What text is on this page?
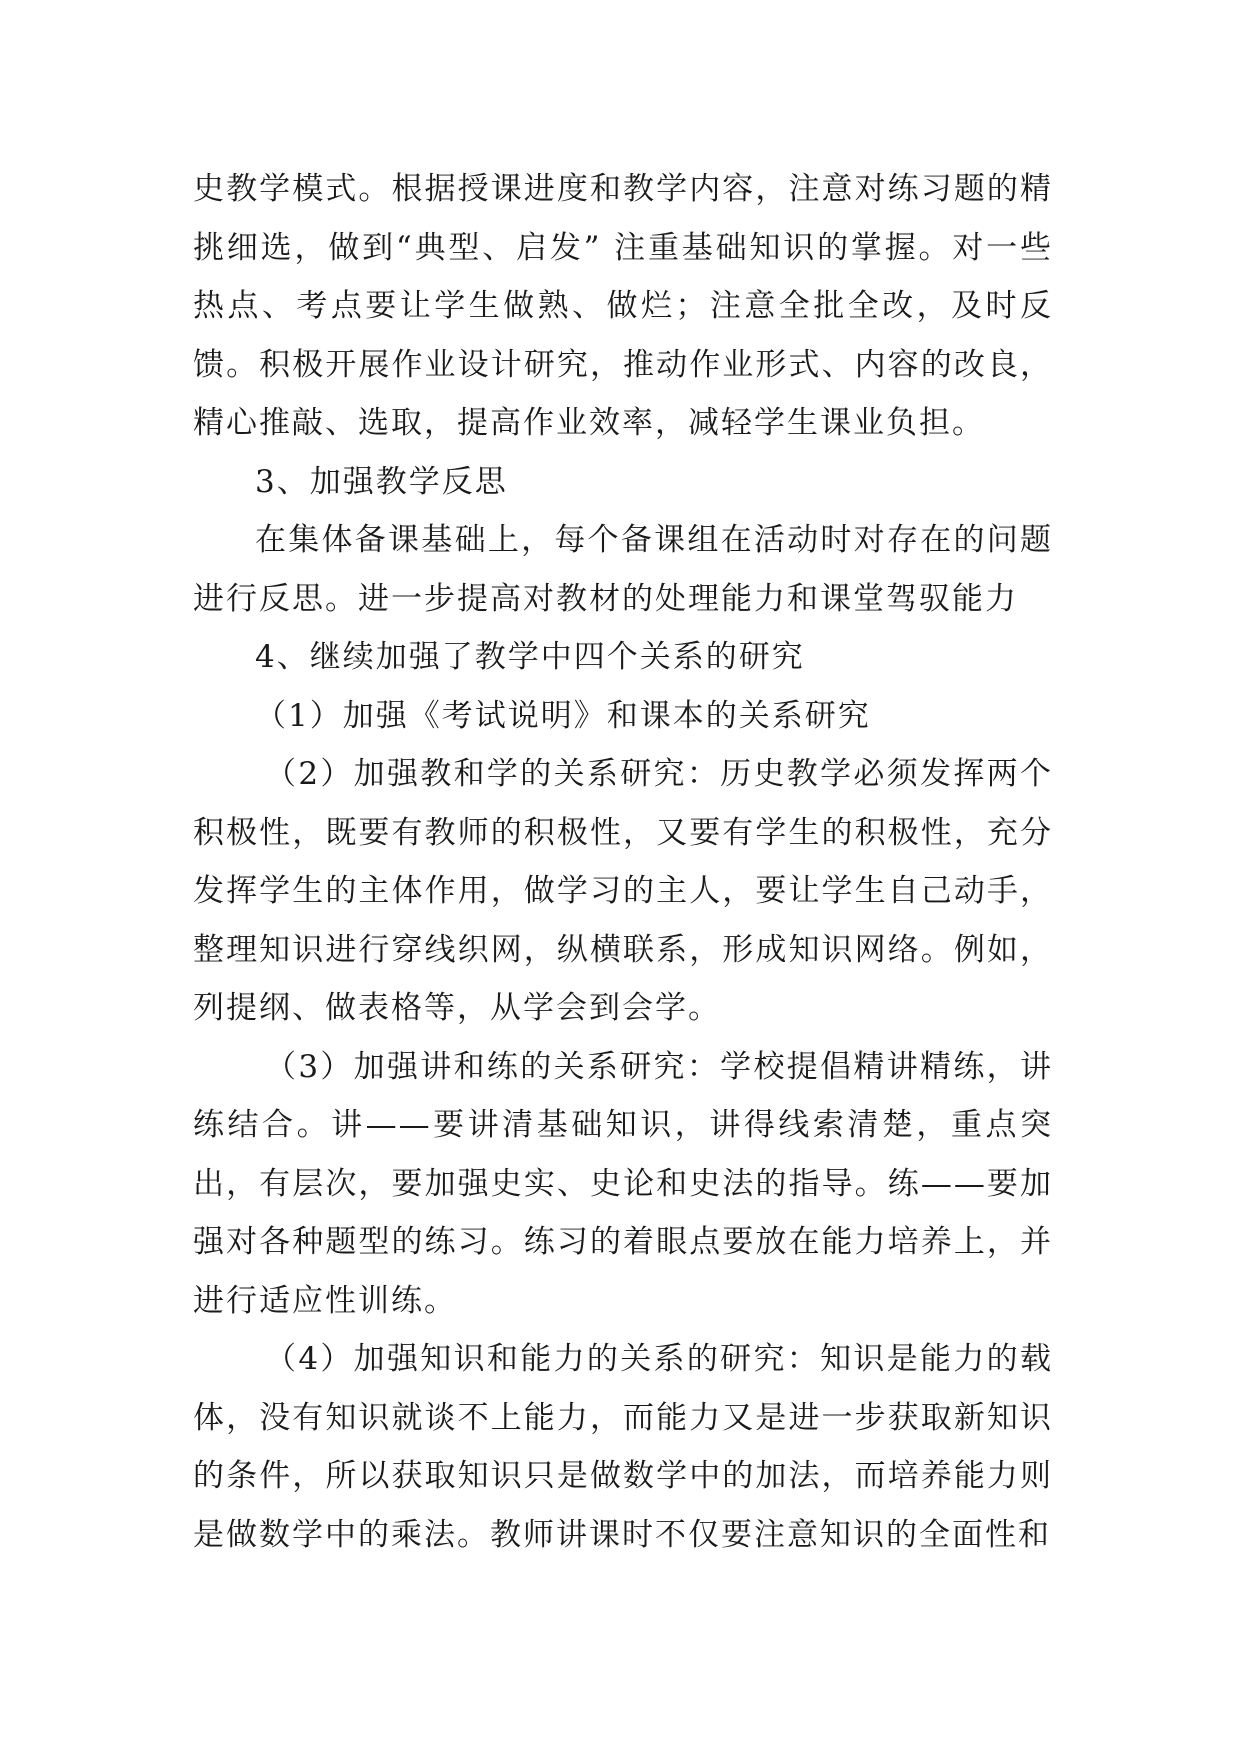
史教学模式。根据授课进度和教学内容，注意对练习题的精挑细选，做到“典型、启发” 注重基础知识的掌握。对一些热点、考点要让学生做熟、做烂；注意全批全改，及时反馈。积极开展作业设计研究，推动作业形式、内容的改良，精心推敲、选取，提高作业效率，减轻学生课业负担。

3、加强教学反思

在集体备课基础上，每个备课组在活动时对存在的问题进行反思。进一步提高对教材的处理能力和课堂驾驭能力

4、继续加强了教学中四个关系的研究

（1）加强《考试说明》和课本的关系研究

（2）加强教和学的关系研究：历史教学必须发挥两个积极性，既要有教师的积极性，又要有学生的积极性，充分发挥学生的主体作用，做学习的主人，要让学生自己动手，整理知识进行穿线织网，纵横联系，形成知识网络。例如，列提纲、做表格等，从学会到会学。

（3）加强讲和练的关系研究：学校提倡精讲精练，讲练结合。讲——要讲清基础知识，讲得线索清楚，重点突出，有层次，要加强史实、史论和史法的指导。练——要加强对各种题型的练习。练习的着眼点要放在能力培养上，并进行适应性训练。

（4）加强知识和能力的关系的研究：知识是能力的载体，没有知识就谈不上能力，而能力又是进一步获取新知识的条件，所以获取知识只是做数学中的加法，而培养能力则是做数学中的乘法。教师讲课时不仅要注意知识的全面性和
